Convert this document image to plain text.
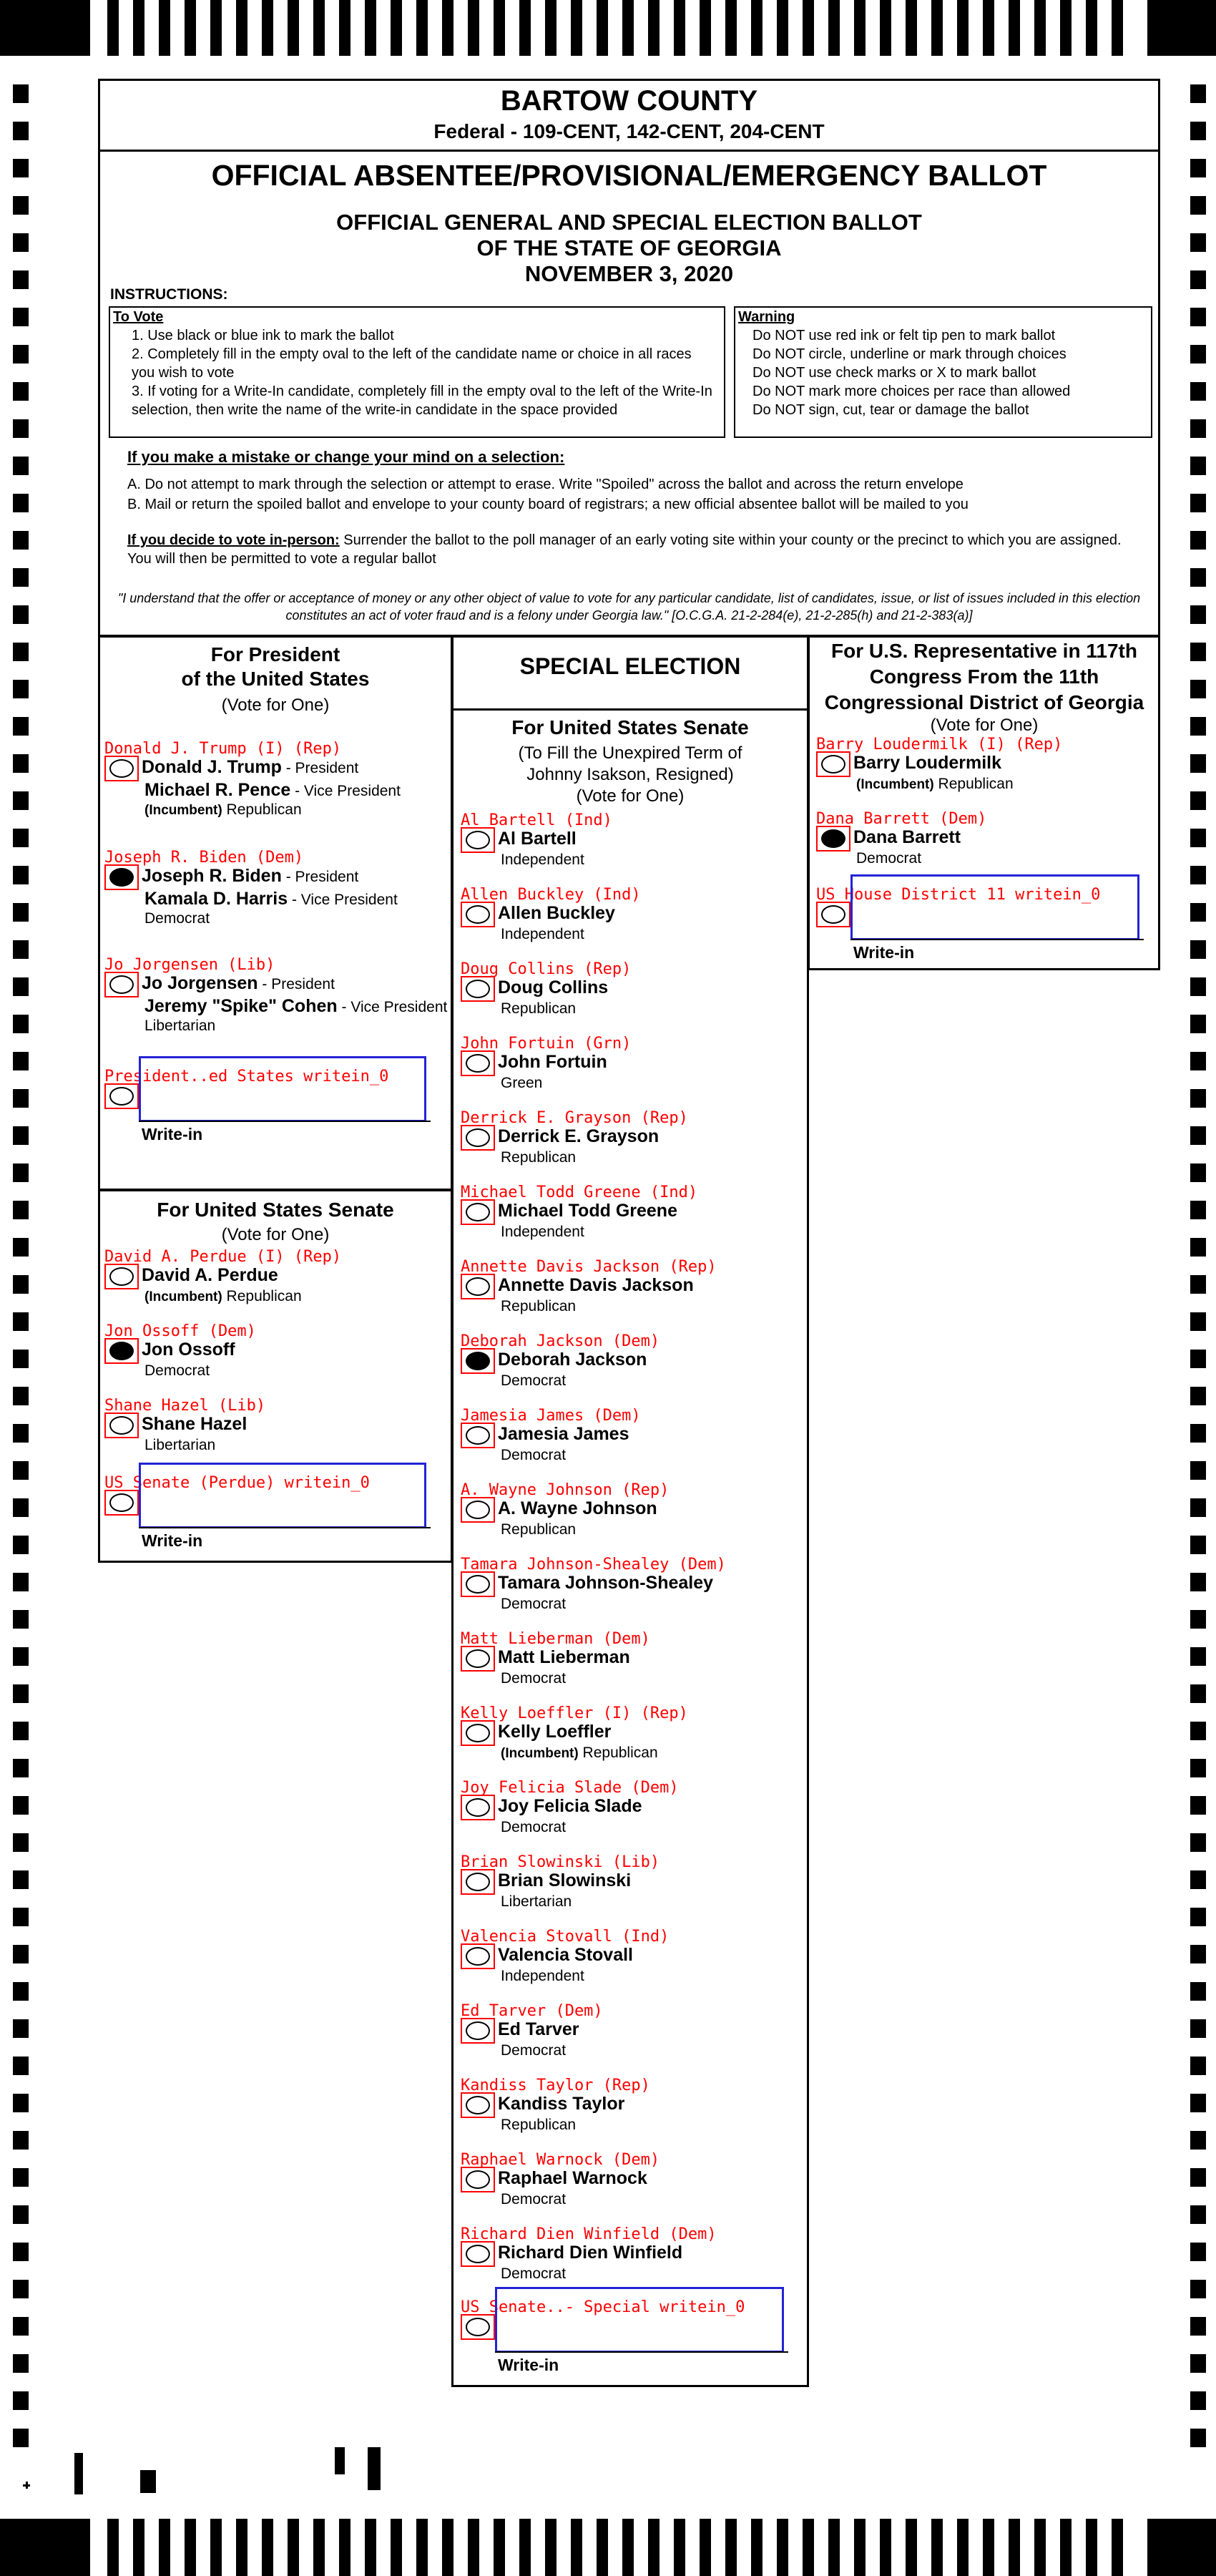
BARTOW COUNTY
Federal - 109-CENT, 142-CENT, 204-CENT
OFFICIAL ABSENTEE/PROVISIONAL/EMERGENCY BALLOT
OFFICIAL GENERAL AND SPECIAL ELECTION BALLOT
OF THE STATE OF GEORGIA
NOVEMBER 3, 2020
INSTRUCTIONS:
To Vote
1. Use black or blue ink to mark the ballot
2. Completely fill in the empty oval to the left of the candidate name or choice in all races you wish to vote
3. If voting for a Write-In candidate, completely fill in the empty oval to the left of the Write-In selection, then write the name of the write-in candidate in the space provided
Warning
Do NOT use red ink or felt tip pen to mark ballot
Do NOT circle, underline or mark through choices
Do NOT use check marks or X to mark ballot
Do NOT mark more choices per race than allowed
Do NOT sign, cut, tear or damage the ballot
If you make a mistake or change your mind on a selection:
A. Do not attempt to mark through the selection or attempt to erase. Write "Spoiled" across the ballot and across the return envelope
B. Mail or return the spoiled ballot and envelope to your county board of registrars; a new official absentee ballot will be mailed to you
If you decide to vote in-person: Surrender the ballot to the poll manager of an early voting site within your county or the precinct to which you are assigned. You will then be permitted to vote a regular ballot
"I understand that the offer or acceptance of money or any other object of value to vote for any particular candidate, list of candidates, issue, or list of issues included in this election constitutes an act of voter fraud and is a felony under Georgia law." [O.C.G.A. 21-2-284(e), 21-2-285(h) and 21-2-383(a)]
For President
of the United States
(Vote for One)
SPECIAL ELECTION
For United States Senate
(To Fill the Unexpired Term of
Johnny Isakson, Resigned)
(Vote for One)
For U.S. Representative in 117th
Congress From the 11th
Congressional District of Georgia
(Vote for One)
For United States Senate
(Vote for One)
Donald J. Trump (I) (Rep)
Donald J. Trump - President
Michael R. Pence - Vice President
(Incumbent) Republican
Joseph R. Biden (Dem)
Joseph R. Biden - President
Kamala D. Harris - Vice President
Democrat
Jo Jorgensen (Lib)
Jo Jorgensen - President
Jeremy "Spike" Cohen - Vice President
Libertarian
President..ed States writein_0
Write-in
David A. Perdue (I) (Rep)
David A. Perdue
(Incumbent) Republican
Jon Ossoff (Dem)
Jon Ossoff
Democrat
Shane Hazel (Lib)
Shane Hazel
Libertarian
US Senate (Perdue) writein_0
Write-in
Al Bartell (Ind)
Al Bartell
Independent
Allen Buckley (Ind)
Allen Buckley
Independent
Doug Collins (Rep)
Doug Collins
Republican
John Fortuin (Grn)
John Fortuin
Green
Derrick E. Grayson (Rep)
Derrick E. Grayson
Republican
Michael Todd Greene (Ind)
Michael Todd Greene
Independent
Annette Davis Jackson (Rep)
Annette Davis Jackson
Republican
Deborah Jackson (Dem)
Deborah Jackson
Democrat
Jamesia James (Dem)
Jamesia James
Democrat
A. Wayne Johnson (Rep)
A. Wayne Johnson
Republican
Tamara Johnson-Shealey (Dem)
Tamara Johnson-Shealey
Democrat
Matt Lieberman (Dem)
Matt Lieberman
Democrat
Kelly Loeffler (I) (Rep)
Kelly Loeffler
(Incumbent) Republican
Joy Felicia Slade (Dem)
Joy Felicia Slade
Democrat
Brian Slowinski (Lib)
Brian Slowinski
Libertarian
Valencia Stovall (Ind)
Valencia Stovall
Independent
Ed Tarver (Dem)
Ed Tarver
Democrat
Kandiss Taylor (Rep)
Kandiss Taylor
Republican
Raphael Warnock (Dem)
Raphael Warnock
Democrat
Richard Dien Winfield (Dem)
Richard Dien Winfield
Democrat
US Senate..- Special writein_0
Write-in
Barry Loudermilk (I) (Rep)
Barry Loudermilk
(Incumbent) Republican
Dana Barrett (Dem)
Dana Barrett
Democrat
US House District 11 writein_0
Write-in
